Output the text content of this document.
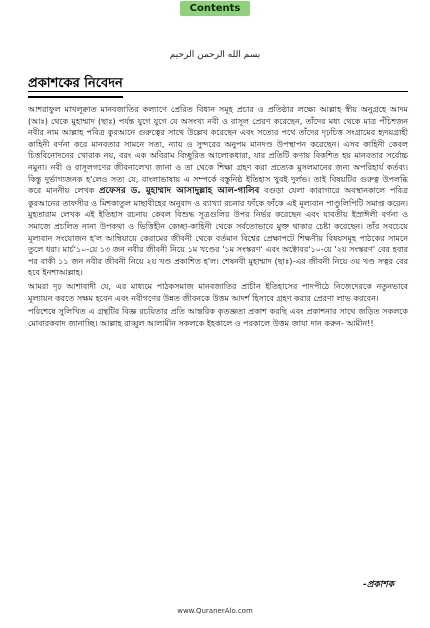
Contents
بسم الله الرحمن الرحيم
প্রকাশকের নিবেদন

আশরাফুল মাখলূক্বাত মানবজাতির কল্যাণে প্রেরিত বিধান সমূহ প্রচার ও প্রতিষ্ঠার লক্ষ্যে আল্লাহ স্বীয় অনুগ্রহে আদম (আঃ) থেকে মুহাম্মাদ (ছাঃ) পর্যন্ত যুগে যুগে যে অসংখ্য নবী ও রাসূল প্রেরণ করেছেন, তাঁদের মধ্য থেকে মাত্র পঁচিশজন নবীর নাম আল্লাহ পবিত্র কুরআনে গুরুত্বের সাথে উল্লেখ করেছেন এবং সত্যের পথে তাঁদের দৃঢ়চিত্ত সংগ্রামের হৃদয়গ্রাহী কাহিনী বর্ণনা করে মানবতার সামনে সত্য, ন্যায় ও সুন্দরের অনুপম মানদণ্ড উপস্থাপন করেছেন। এসব কাহিনী কেবল চিত্তবিনোদনের খোরাক নয়, বরং এক অবিরাম বিচ্ছুরিত আলোকধারা, যার প্রতিটি কণায় বিকশিত হয় মানবতার সর্বোচ্চ নমুনা। নবী ও রাসূলগণের জীবনালেখ্য জানা ও তা থেকে শিক্ষা গ্রহণ করা প্রত্যেক মুসলমানের জন্য অপরিহার্য কর্তব্য। কিন্তু দুর্ভাগ্যজনক হ'লেও সত্য যে, বাংলাভাষায় এ সম্পর্কে বস্তুনিষ্ঠ ইতিহাস খুবই দুর্লভ। তাই বিষয়টির গুরুত্ব উপলব্ধি করে মাননীয় লেখক প্রফেসর ড. মুহাম্মাদ আসাদুল্লাহ আল-গালিব বগুড়া যেলা কারাগারে অবস্থানকালে পবিত্র কুরআনের তাফসীর ও মিশকাতুল মাছাবীহের অনুবাদ ও ব্যাখ্যা রচনার ফাঁকে ফাঁকে এই মূল্যবান পাণ্ডুলিপিটি সমাপ্ত করেন। মুহতারাম লেখক এই ইতিহাস রচনায় কেবল বিশুদ্ধ সূত্রগুলির উপর নির্ভর করেছেন এবং যাবতীয় ইস্রাঈলী বর্ণনা ও সমাজে প্রচলিত নানা উপকথা ও ভিত্তিহীন কেচ্ছা-কাহিনী থেকে সর্বতোভাবে মুক্ত থাকার চেষ্টা করেছেন। তাঁর সবচেয়ে মূল্যবান সংযোজন হ'ল আম্বিয়ায়ে কেরামের জীবনী থেকে বর্তমান বিশ্বের প্রেক্ষাপটে শিক্ষণীয় বিষয়সমূহ পাঠকের সামনে তুলে ধরা। মার্চ'১০-য়ে ১৩ জন নবীর জীবনী নিয়ে ১ম খণ্ডের '১ম সংস্করণ' এবং অক্টোবর'১০-য়ে '২য় সংস্করণ' বের হবার পর বাকী ১১ জন নবীর জীবনী নিয়ে ২য় খণ্ড প্রকাশিত হ'ল। শেষনবী মুহাম্মাদ (ছাঃ)-এর জীবনী নিয়ে ৩য় খণ্ড সত্বর বের হবে ইনশাআল্লাহ।

আমরা দৃঢ় আশাবাদী যে, এর মাধ্যমে পাঠকসমাজ মানবজাতির প্রাচীন ইতিহাসের পাদপীঠে নিজেদেরকে নতুনভাবে মূল্যায়ন করতে সক্ষম হবেন এবং নবীগণের উন্নত জীবনকে উত্তম আদর্শ হিসাবে গ্রহণ করার প্রেরণা লাভ করবেন।

পরিশেষে সুলিখিত এ গ্রন্থটির বিজ্ঞ রচয়িতার প্রতি আন্তরিক কৃতজ্ঞতা প্রকাশ করছি এবং প্রকাশনার সাথে জড়িত সকলকে মোবারকবাদ জানাচ্ছি। আল্লাহ রাব্বুল আলামীন সকলকে ইহকালে ও পরকালে উত্তম জাযা দান করুন- আমীন!!

-প্রকাশক
www.QuranerAlo.com
